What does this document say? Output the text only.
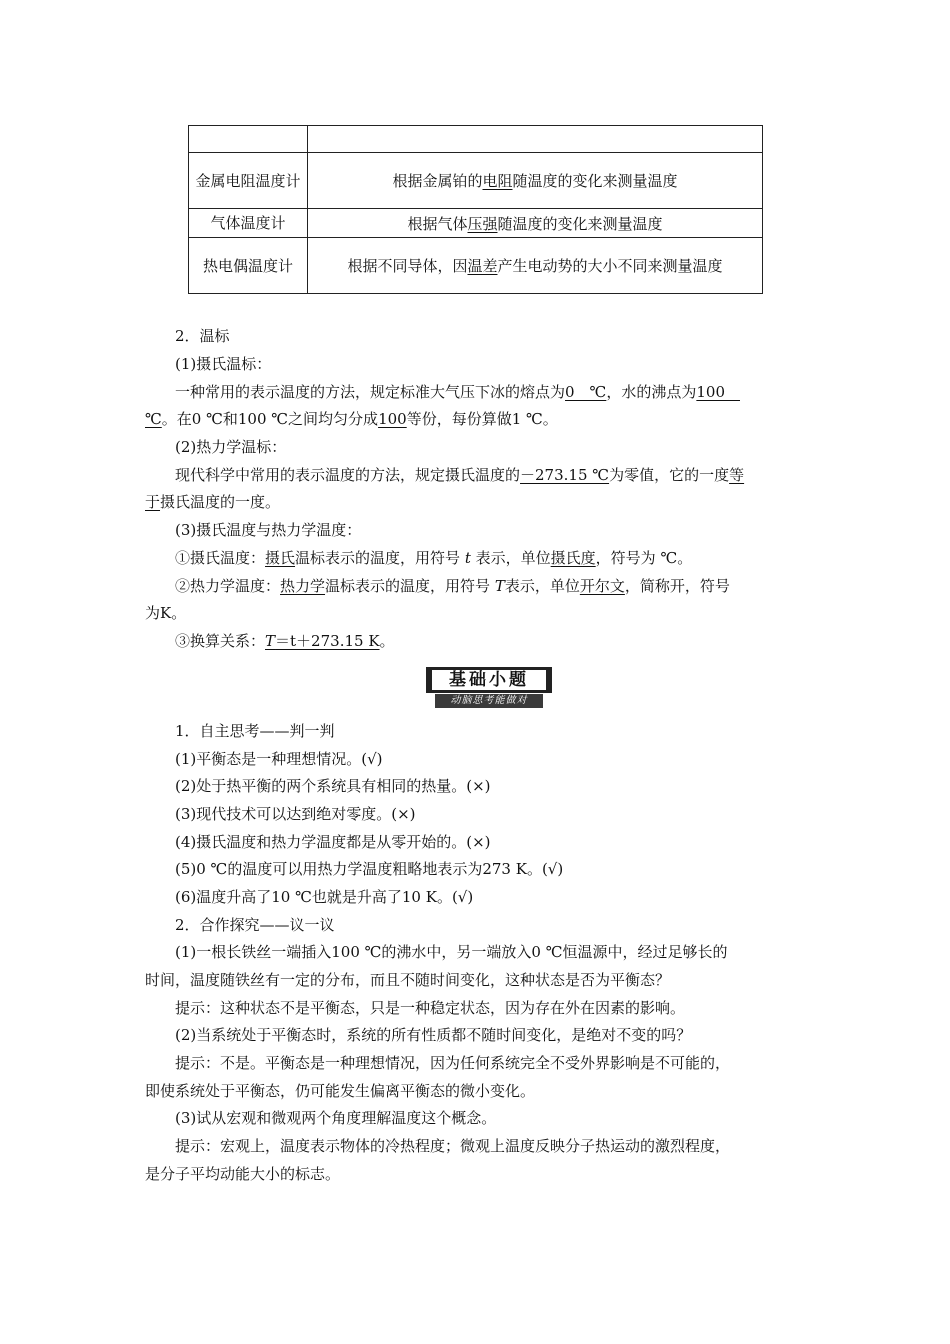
金属电阻温度计	根据金属铂的电阻随温度的变化来测量温度
气体温度计	根据气体压强随温度的变化来测量温度
热电偶温度计	根据不同导体，因温差产生电动势的大小不同来测量温度
2．温标
(1)摄氏温标：
一种常用的表示温度的方法，规定标准大气压下冰的熔点为0　℃，水的沸点为100　
℃。在0 ℃和100 ℃之间均匀分成100等份，每份算做1 ℃。
(2)热力学温标：
现代科学中常用的表示温度的方法，规定摄氏温度的－273.15 ℃为零值，它的一度等
于摄氏温度的一度。
(3)摄氏温度与热力学温度：
①摄氏温度：摄氏温标表示的温度，用符号 t 表示，单位摄氏度，符号为 ℃。
②热力学温度：热力学温标表示的温度，用符号 T表示，单位开尔文，简称开，符号
为K。
③换算关系：T＝t＋273.15 K。
基础小题
动脑思考能做对
1．自主思考——判一判
(1)平衡态是一种理想情况。(√)
(2)处于热平衡的两个系统具有相同的热量。(×)
(3)现代技术可以达到绝对零度。(×)
(4)摄氏温度和热力学温度都是从零开始的。(×)
(5)0 ℃的温度可以用热力学温度粗略地表示为273 K。(√)
(6)温度升高了10 ℃也就是升高了10 K。(√)
2．合作探究——议一议
(1)一根长铁丝一端插入100 ℃的沸水中，另一端放入0 ℃恒温源中，经过足够长的
时间，温度随铁丝有一定的分布，而且不随时间变化，这种状态是否为平衡态？
提示：这种状态不是平衡态，只是一种稳定状态，因为存在外在因素的影响。
(2)当系统处于平衡态时，系统的所有性质都不随时间变化，是绝对不变的吗？
提示：不是。平衡态是一种理想情况，因为任何系统完全不受外界影响是不可能的，
即使系统处于平衡态，仍可能发生偏离平衡态的微小变化。
(3)试从宏观和微观两个角度理解温度这个概念。
提示：宏观上，温度表示物体的冷热程度；微观上温度反映分子热运动的激烈程度，
是分子平均动能大小的标志。
